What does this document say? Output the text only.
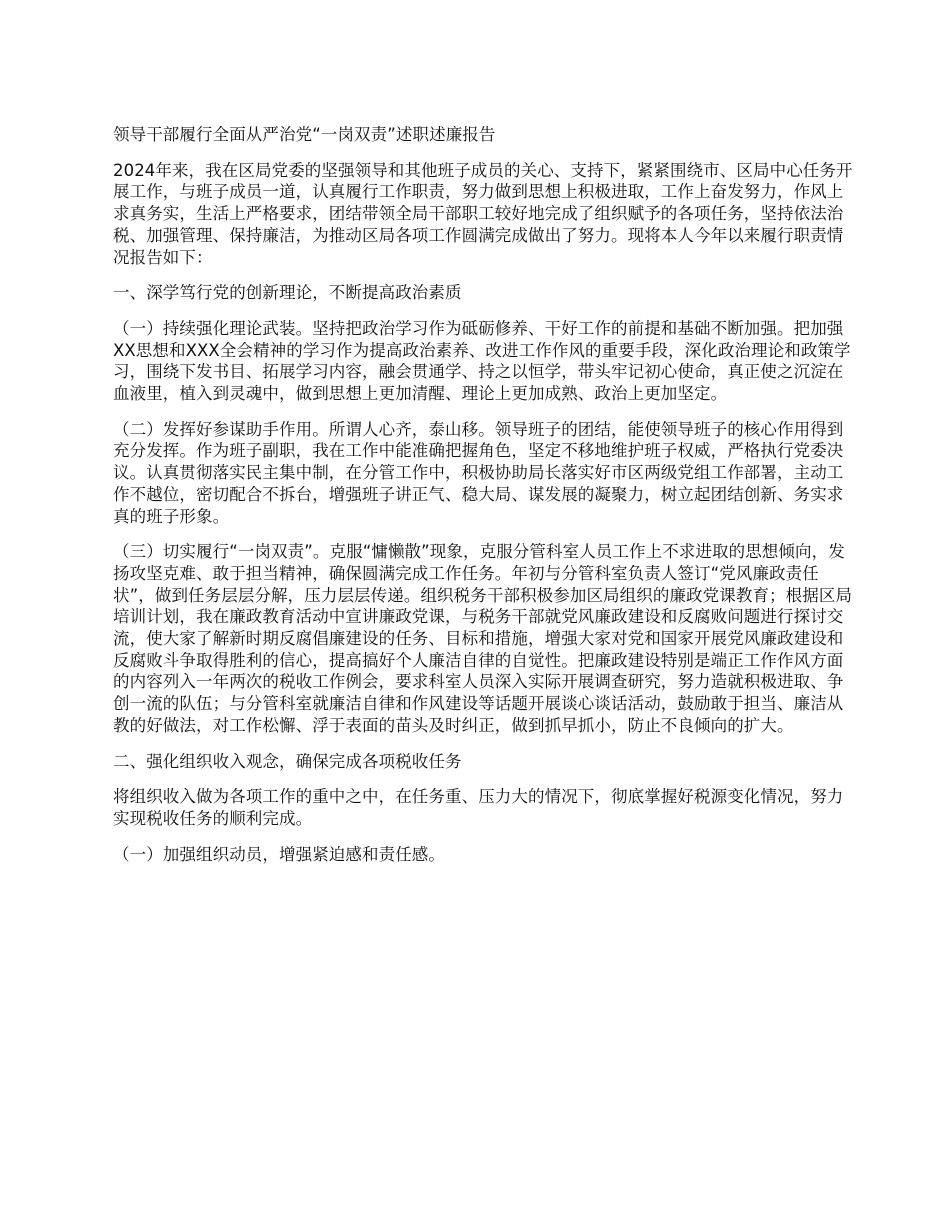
领导干部履行全面从严治党“一岗双责”述职述廉报告

2024年来，我在区局党委的坚强领导和其他班子成员的关心、支持下，紧紧围绕市、区局中心任务开展工作，与班子成员一道，认真履行工作职责，努力做到思想上积极进取，工作上奋发努力，作风上求真务实，生活上严格要求，团结带领全局干部职工较好地完成了组织赋予的各项任务，坚持依法治税、加强管理、保持廉洁，为推动区局各项工作圆满完成做出了努力。现将本人今年以来履行职责情况报告如下：

一、深学笃行党的创新理论，不断提高政治素质

（一）持续强化理论武装。坚持把政治学习作为砥砺修养、干好工作的前提和基础不断加强。把加强XX思想和XXX全会精神的学习作为提高政治素养、改进工作作风的重要手段，深化政治理论和政策学习，围绕下发书目、拓展学习内容，融会贯通学、持之以恒学，带头牢记初心使命，真正使之沉淀在血液里，植入到灵魂中，做到思想上更加清醒、理论上更加成熟、政治上更加坚定。

（二）发挥好参谋助手作用。所谓人心齐，泰山移。领导班子的团结，能使领导班子的核心作用得到充分发挥。作为班子副职，我在工作中能准确把握角色，坚定不移地维护班子权威，严格执行党委决议。认真贯彻落实民主集中制，在分管工作中，积极协助局长落实好市区两级党组工作部署，主动工作不越位，密切配合不拆台，增强班子讲正气、稳大局、谋发展的凝聚力，树立起团结创新、务实求真的班子形象。

（三）切实履行“一岗双责”。克服“慵懒散”现象，克服分管科室人员工作上不求进取的思想倾向，发扬攻坚克难、敢于担当精神，确保圆满完成工作任务。年初与分管科室负责人签订“党风廉政责任状”，做到任务层层分解，压力层层传递。组织税务干部积极参加区局组织的廉政党课教育；根据区局培训计划，我在廉政教育活动中宣讲廉政党课，与税务干部就党风廉政建设和反腐败问题进行探讨交流，使大家了解新时期反腐倡廉建设的任务、目标和措施，增强大家对党和国家开展党风廉政建设和反腐败斗争取得胜利的信心，提高搞好个人廉洁自律的自觉性。把廉政建设特别是端正工作作风方面的内容列入一年两次的税收工作例会，要求科室人员深入实际开展调查研究，努力造就积极进取、争创一流的队伍；与分管科室就廉洁自律和作风建设等话题开展谈心谈话活动，鼓励敢于担当、廉洁从教的好做法，对工作松懈、浮于表面的苗头及时纠正，做到抓早抓小，防止不良倾向的扩大。

二、强化组织收入观念，确保完成各项税收任务

将组织收入做为各项工作的重中之中，在任务重、压力大的情况下，彻底掌握好税源变化情况，努力实现税收任务的顺利完成。

（一）加强组织动员，增强紧迫感和责任感。
